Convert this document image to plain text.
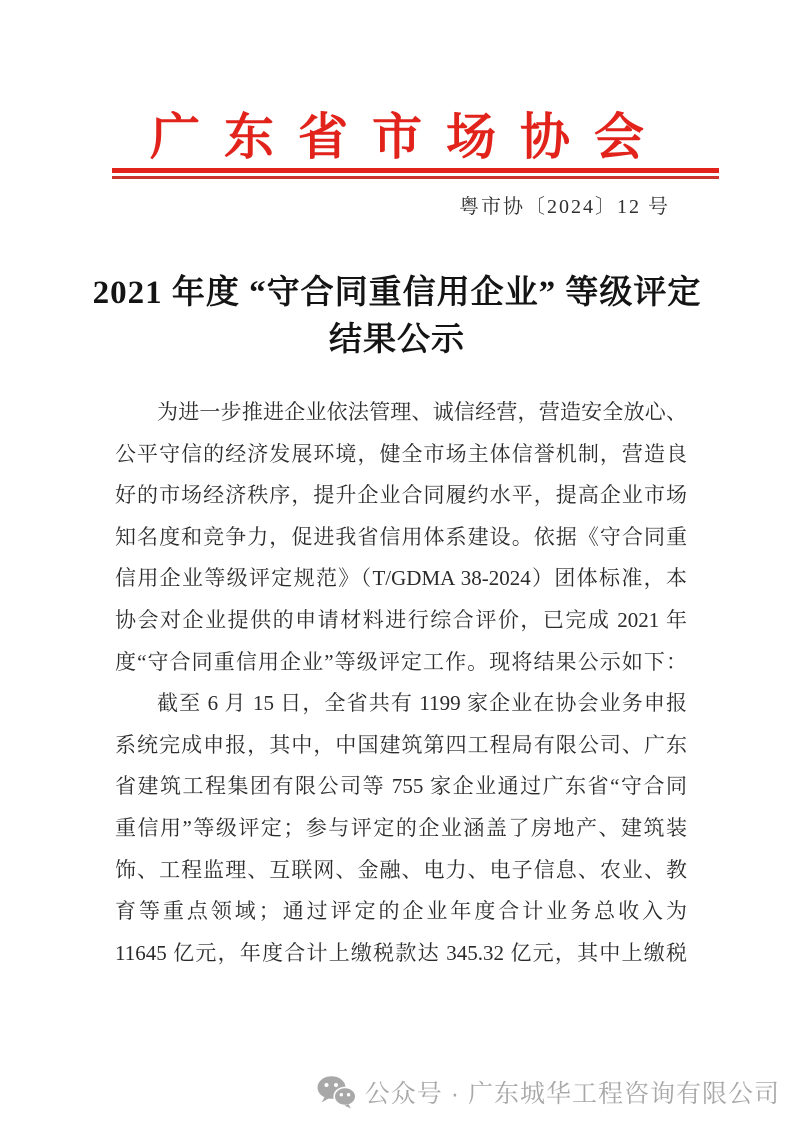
广东省市场协会
粤市协〔2024〕12 号
2021 年度 “守合同重信用企业” 等级评定
结果公示
为进一步推进企业依法管理、诚信经营，营造安全放心、
公平守信的经济发展环境，健全市场主体信誉机制，营造良
好的市场经济秩序，提升企业合同履约水平，提高企业市场
知名度和竞争力，促进我省信用体系建设。依据《守合同重
信用企业等级评定规范》（T/GDMA 38-2024）团体标准，本
协会对企业提供的申请材料进行综合评价，已完成 2021 年
度“守合同重信用企业”等级评定工作。现将结果公示如下：
截至 6 月 15 日，全省共有 1199 家企业在协会业务申报
系统完成申报，其中，中国建筑第四工程局有限公司、广东
省建筑工程集团有限公司等 755 家企业通过广东省“守合同
重信用”等级评定；参与评定的企业涵盖了房地产、建筑装
饰、工程监理、互联网、金融、电力、电子信息、农业、教
育等重点领域；通过评定的企业年度合计业务总收入为
11645 亿元，年度合计上缴税款达 345.32 亿元，其中上缴税
公众号 · 广东城华工程咨询有限公司
